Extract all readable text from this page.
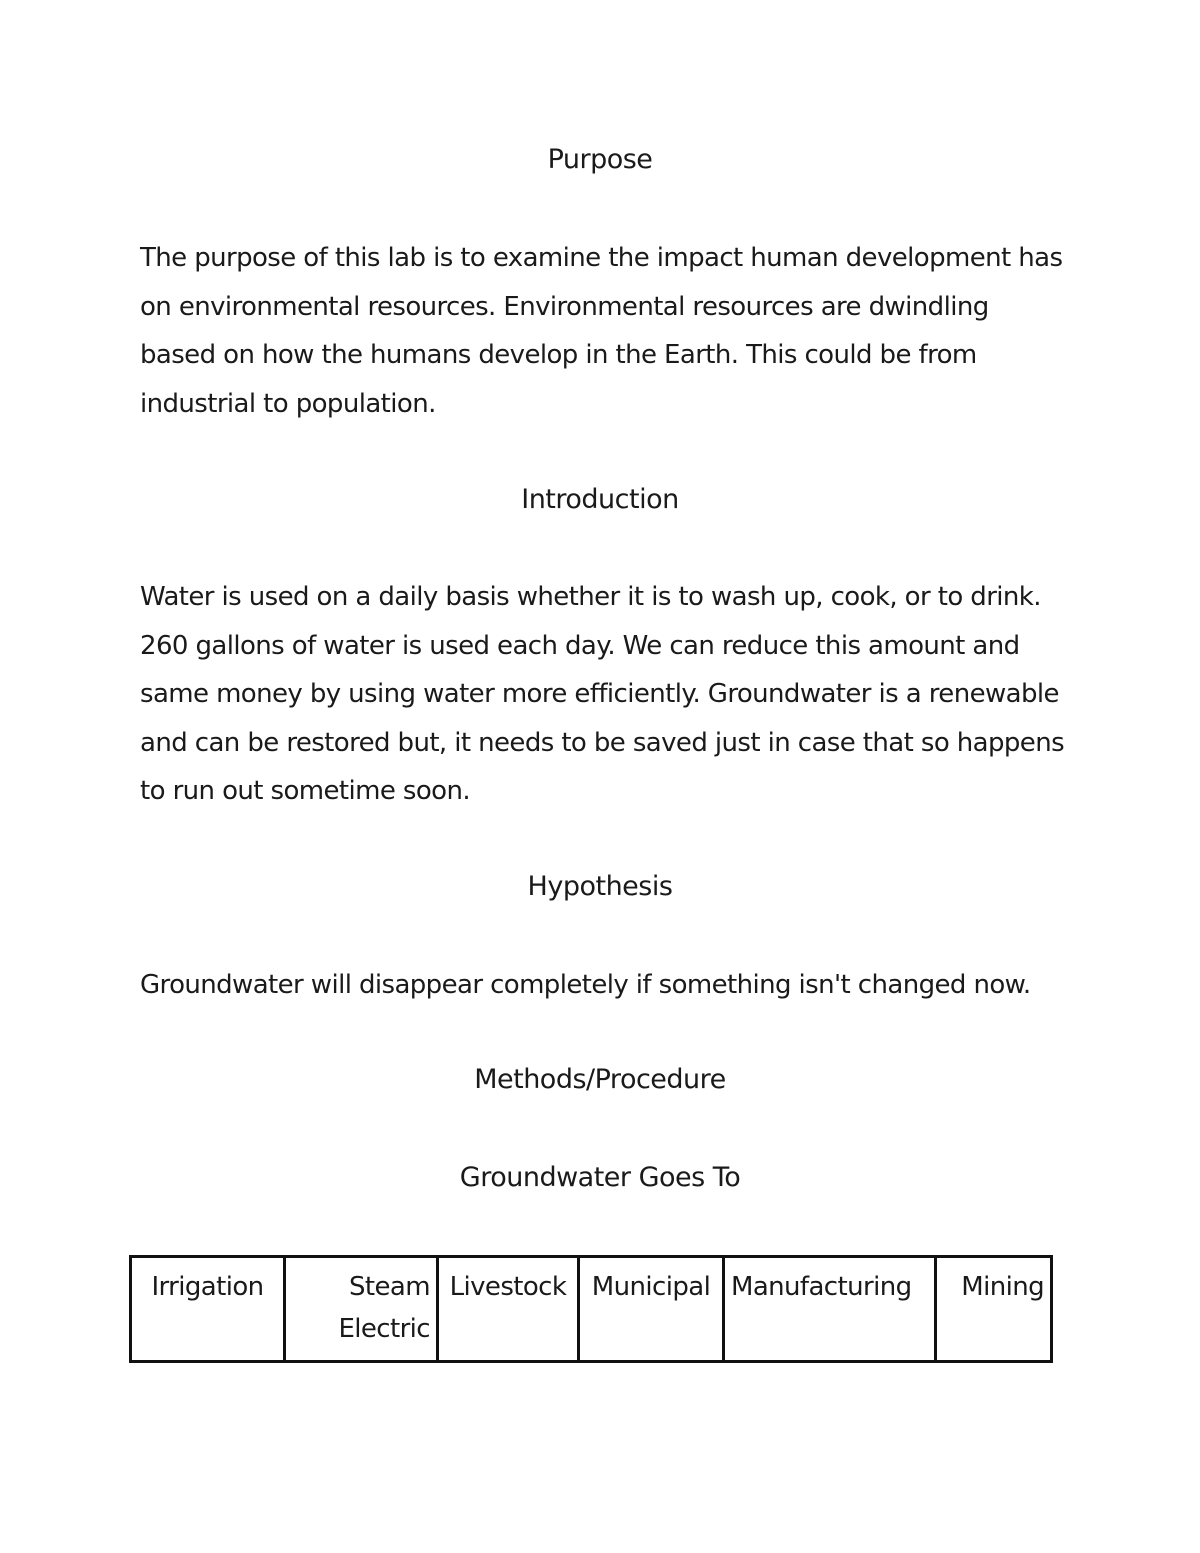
Purpose

The purpose of this lab is to examine the impact human development has on environmental resources. Environmental resources are dwindling based on how the humans develop in the Earth. This could be from industrial to population.

Introduction

Water is used on a daily basis whether it is to wash up, cook, or to drink. 260 gallons of water is used each day. We can reduce this amount and same money by using water more efficiently. Groundwater is a renewable and can be restored but, it needs to be saved just in case that so happens to run out sometime soon.

Hypothesis

Groundwater will disappear completely if something isn't changed now.

Methods/Procedure
Groundwater Goes To
Irrigation	Steam Electric	Livestock	Municipal	Manufacturing	Mining
